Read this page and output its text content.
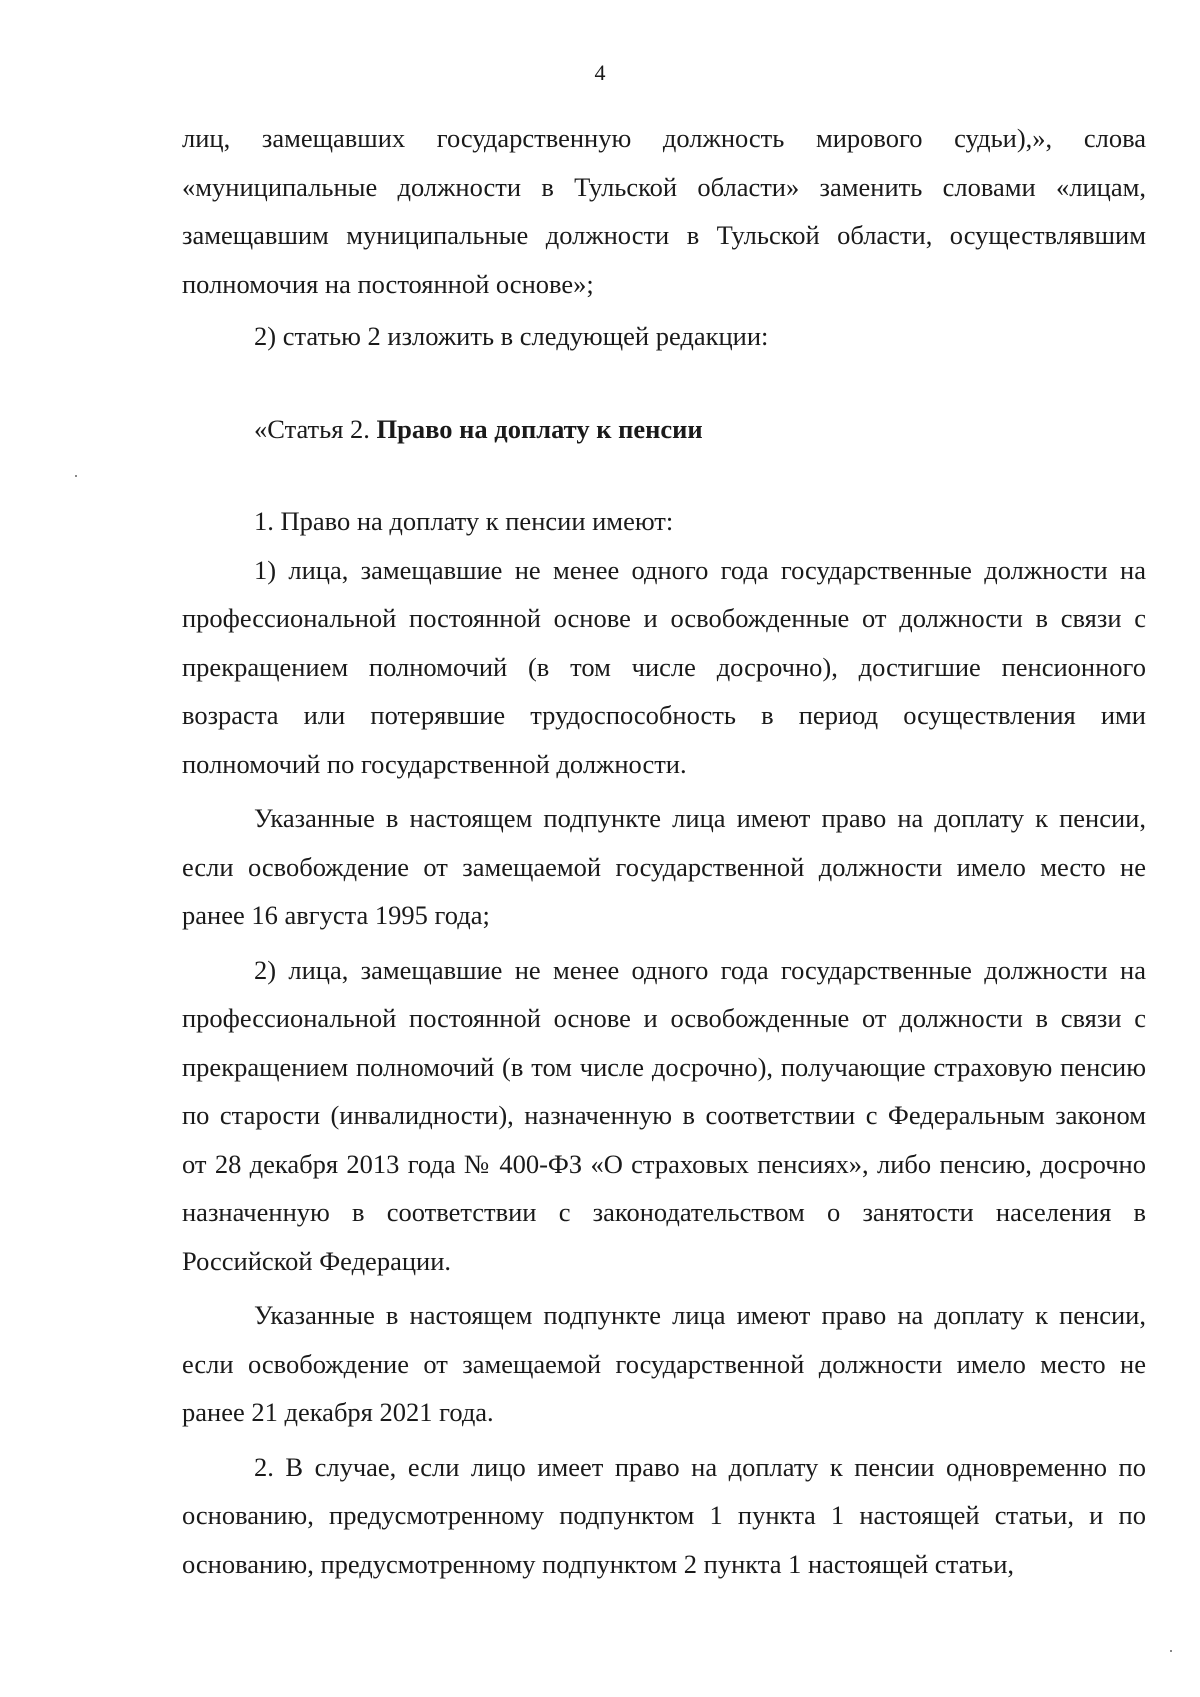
4

лиц, замещавших государственную должность мирового судьи),», слова «муниципальные должности в Тульской области» заменить словами «лицам, замещавшим муниципальные должности в Тульской области, осуществлявшим полномочия на постоянной основе»;

2) статью 2 изложить в следующей редакции:

«Статья 2. Право на доплату к пенсии

1. Право на доплату к пенсии имеют:

1) лица, замещавшие не менее одного года государственные должности на профессиональной постоянной основе и освобожденные от должности в связи с прекращением полномочий (в том числе досрочно), достигшие пенсионного возраста или потерявшие трудоспособность в период осуществления ими полномочий по государственной должности.

Указанные в настоящем подпункте лица имеют право на доплату к пенсии, если освобождение от замещаемой государственной должности имело место не ранее 16 августа 1995 года;

2) лица, замещавшие не менее одного года государственные должности на профессиональной постоянной основе и освобожденные от должности в связи с прекращением полномочий (в том числе досрочно), получающие страховую пенсию по старости (инвалидности), назначенную в соответствии с Федеральным законом от 28 декабря 2013 года № 400-ФЗ «О страховых пенсиях», либо пенсию, досрочно назначенную в соответствии с законодательством о занятости населения в Российской Федерации.

Указанные в настоящем подпункте лица имеют право на доплату к пенсии, если освобождение от замещаемой государственной должности имело место не ранее 21 декабря 2021 года.

2. В случае, если лицо имеет право на доплату к пенсии одновременно по основанию, предусмотренному подпунктом 1 пункта 1 настоящей статьи, и по основанию, предусмотренному подпунктом 2 пункта 1 настоящей статьи,
